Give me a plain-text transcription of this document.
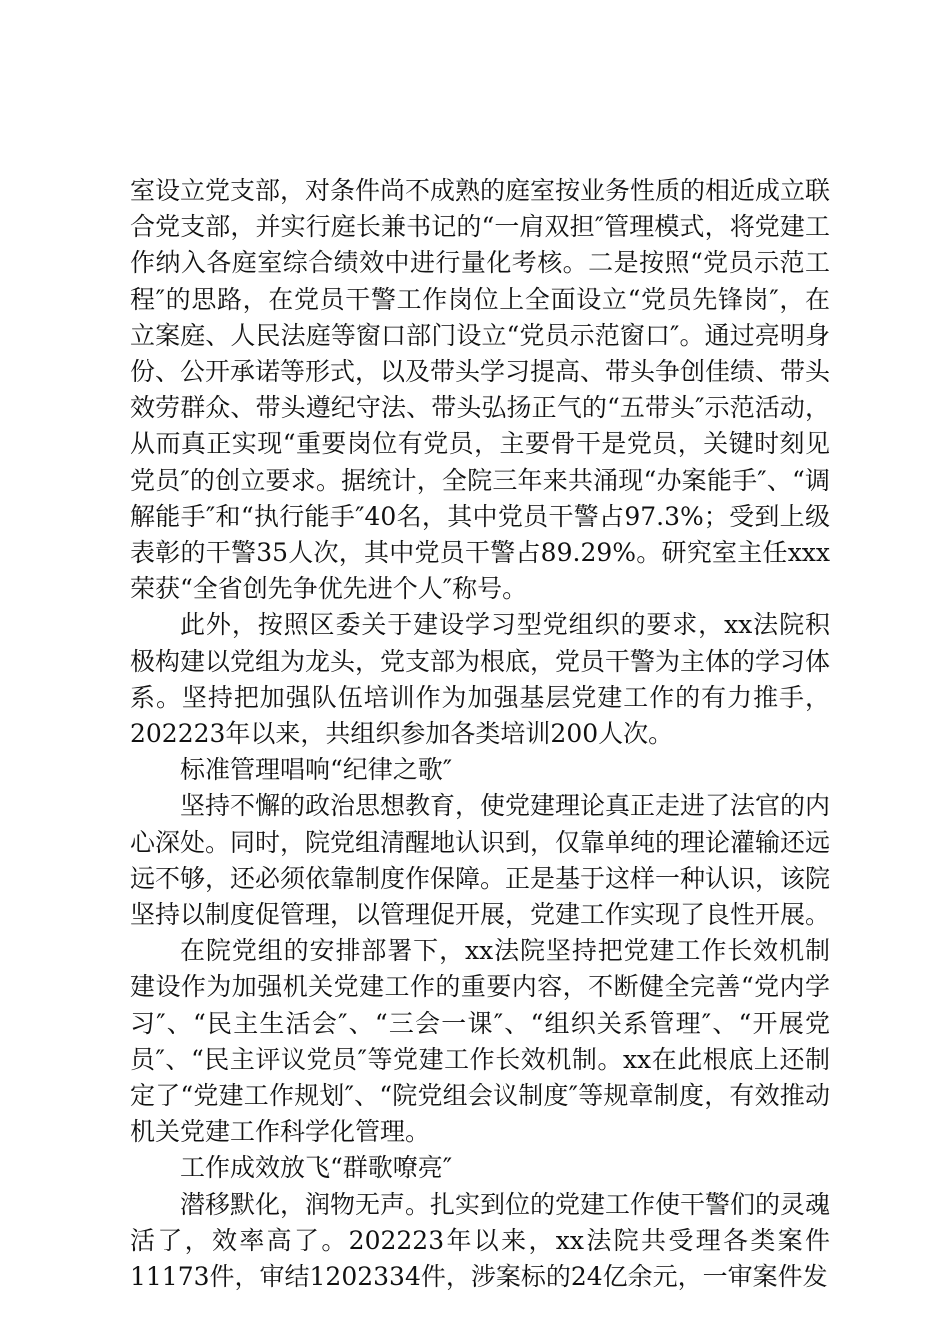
室设立党支部，对条件尚不成熟的庭室按业务性质的相近成立联合党支部，并实行庭长兼书记的“一肩双担″管理模式，将党建工作纳入各庭室综合绩效中进行量化考核。二是按照“党员示范工程″的思路，在党员干警工作岗位上全面设立“党员先锋岗″，在立案庭、人民法庭等窗口部门设立“党员示范窗口″。通过亮明身份、公开承诺等形式，以及带头学习提高、带头争创佳绩、带头效劳群众、带头遵纪守法、带头弘扬正气的“五带头″示范活动，从而真正实现“重要岗位有党员，主要骨干是党员，关键时刻见党员″的创立要求。据统计，全院三年来共涌现“办案能手″、“调解能手″和“执行能手″40名，其中党员干警占97.3%；受到上级表彰的干警35人次，其中党员干警占89.29%。研究室主任xxx荣获“全省创先争优先进个人″称号。

此外，按照区委关于建设学习型党组织的要求，xx法院积极构建以党组为龙头，党支部为根底，党员干警为主体的学习体系。坚持把加强队伍培训作为加强基层党建工作的有力推手，202223年以来，共组织参加各类培训200人次。

标准管理唱响“纪律之歌″

坚持不懈的政治思想教育，使党建理论真正走进了法官的内心深处。同时，院党组清醒地认识到，仅靠单纯的理论灌输还远远不够，还必须依靠制度作保障。正是基于这样一种认识，该院坚持以制度促管理，以管理促开展，党建工作实现了良性开展。

在院党组的安排部署下，xx法院坚持把党建工作长效机制建设作为加强机关党建工作的重要内容，不断健全完善“党内学习″、“民主生活会″、“三会一课″、“组织关系管理″、“开展党员″、“民主评议党员″等党建工作长效机制。xx在此根底上还制定了“党建工作规划″、“院党组会议制度″等规章制度，有效推动机关党建工作科学化管理。

工作成效放飞“群歌嘹亮″

潜移默化，润物无声。扎实到位的党建工作使干警们的灵魂活了，效率高了。202223年以来，xx法院共受理各类案件11173件，审结1202334件，涉案标的24亿余元，一审案件发
